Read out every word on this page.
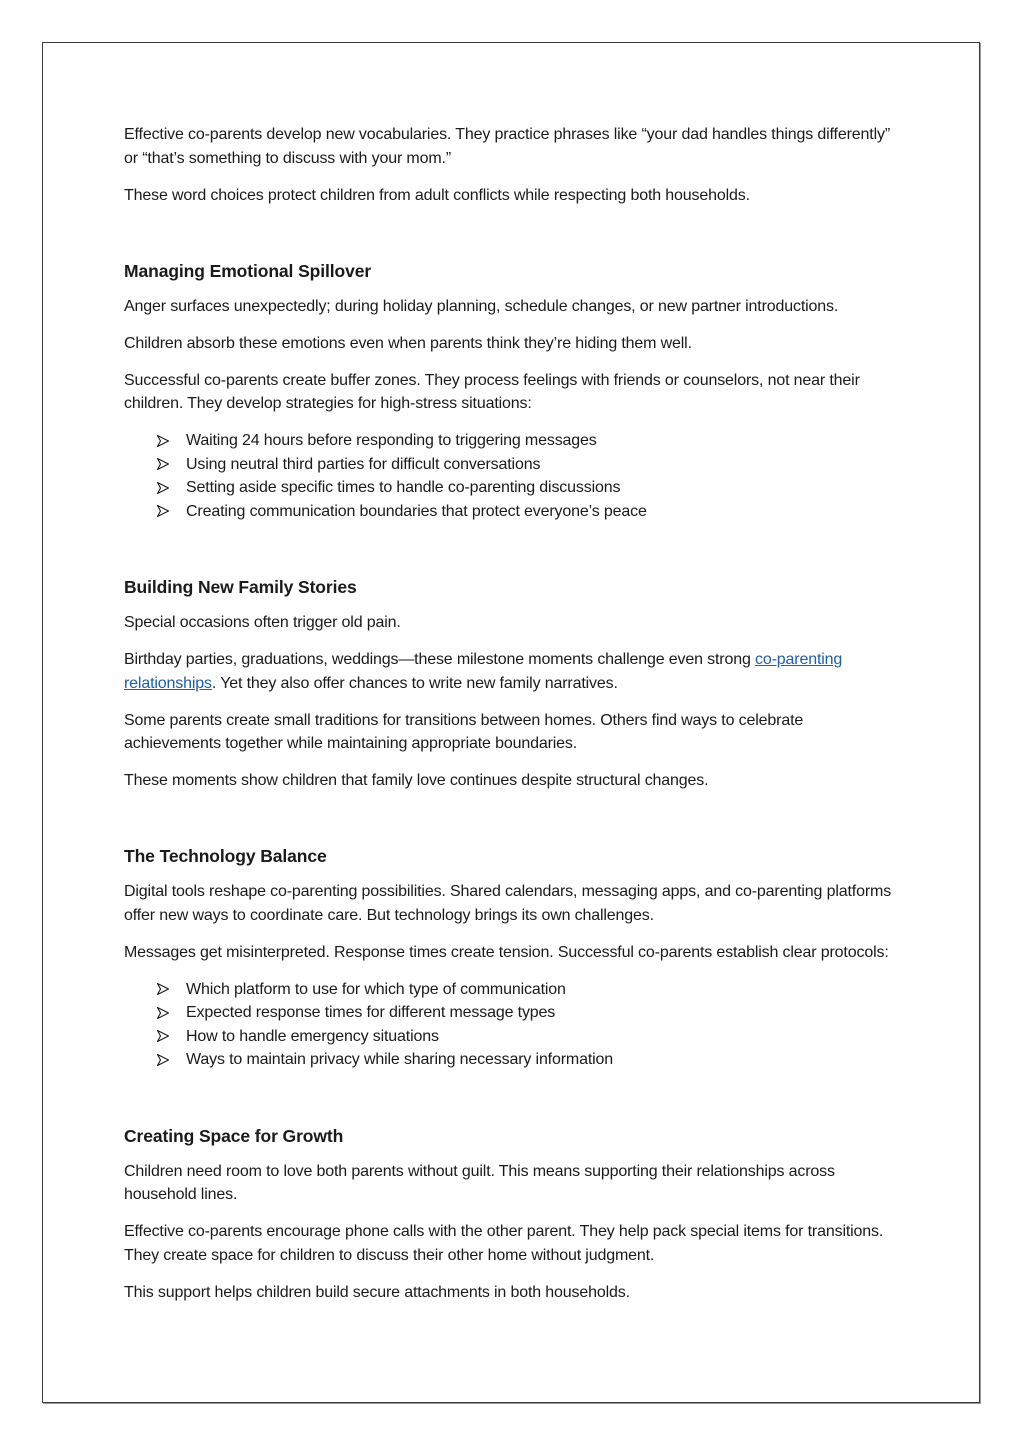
Effective co-parents develop new vocabularies. They practice phrases like “your dad handles things differently” or “that’s something to discuss with your mom.”

These word choices protect children from adult conflicts while respecting both households.

Managing Emotional Spillover

Anger surfaces unexpectedly; during holiday planning, schedule changes, or new partner introductions.

Children absorb these emotions even when parents think they’re hiding them well.

Successful co-parents create buffer zones. They process feelings with friends or counselors, not near their children. They develop strategies for high-stress situations:

Waiting 24 hours before responding to triggering messages
Using neutral third parties for difficult conversations
Setting aside specific times to handle co-parenting discussions
Creating communication boundaries that protect everyone’s peace
Building New Family Stories

Special occasions often trigger old pain.

Birthday parties, graduations, weddings—these milestone moments challenge even strong co-parenting relationships. Yet they also offer chances to write new family narratives.

Some parents create small traditions for transitions between homes. Others find ways to celebrate achievements together while maintaining appropriate boundaries.

These moments show children that family love continues despite structural changes.

The Technology Balance

Digital tools reshape co-parenting possibilities. Shared calendars, messaging apps, and co-parenting platforms offer new ways to coordinate care. But technology brings its own challenges.

Messages get misinterpreted. Response times create tension. Successful co-parents establish clear protocols:

Which platform to use for which type of communication
Expected response times for different message types
How to handle emergency situations
Ways to maintain privacy while sharing necessary information
Creating Space for Growth

Children need room to love both parents without guilt. This means supporting their relationships across household lines.

Effective co-parents encourage phone calls with the other parent. They help pack special items for transitions. They create space for children to discuss their other home without judgment.

This support helps children build secure attachments in both households.
